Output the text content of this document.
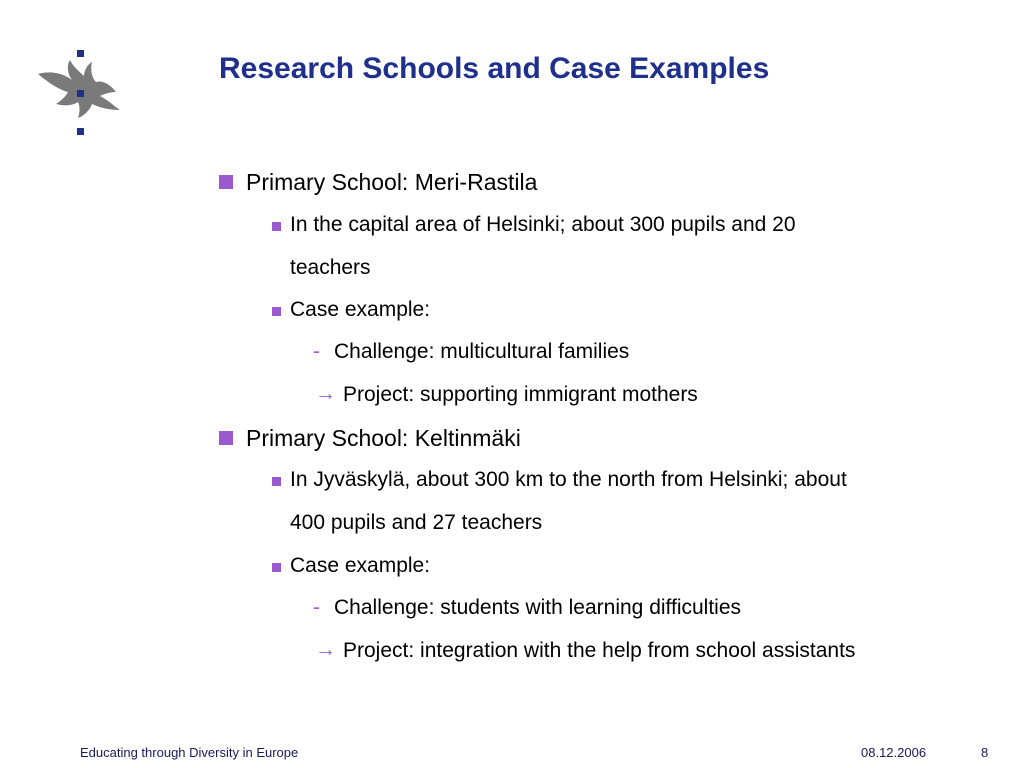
Research Schools and Case Examples
Primary School: Meri-Rastila
In the capital area of Helsinki; about 300 pupils and 20
teachers
Case example:
- Challenge: multicultural families
→ Project: supporting immigrant mothers
Primary School: Keltinmäki
In Jyväskylä, about 300 km to the north from Helsinki; about
400 pupils and 27 teachers
Case example:
- Challenge: students with learning difficulties
→ Project: integration with the help from school assistants
Educating through Diversity in Europe	08.12.2006	8
